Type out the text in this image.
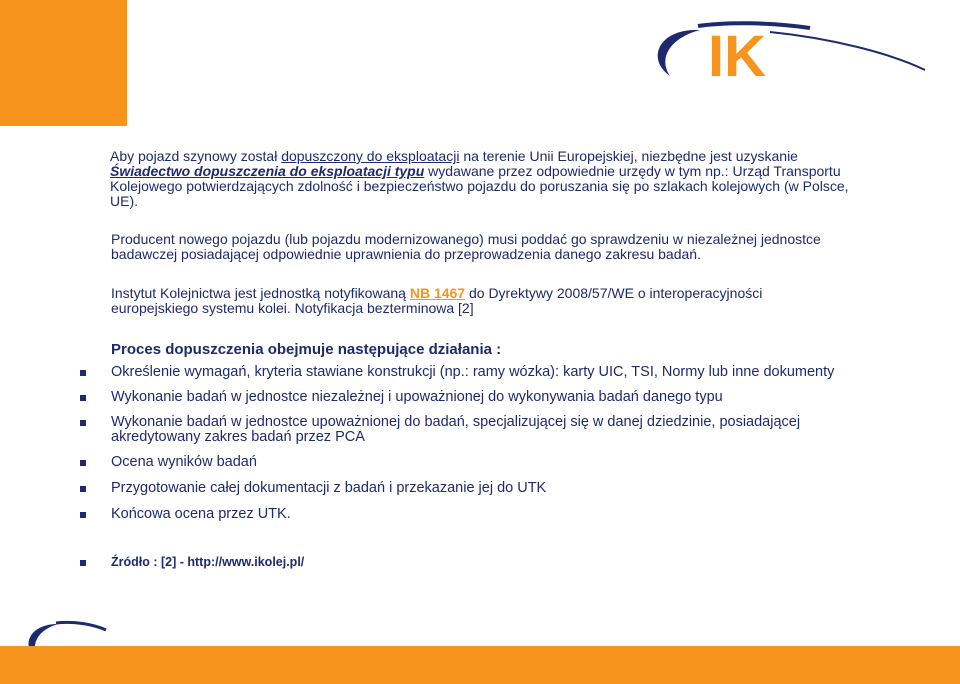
IK

Aby pojazd szynowy został dopuszczony do eksploatacji na terenie Unii Europejskiej, niezbędne jest uzyskanie Świadectwo dopuszczenia do eksploatacji typu wydawane przez odpowiednie urzędy w tym np.: Urząd Transportu Kolejowego potwierdzających zdolność i bezpieczeństwo pojazdu do poruszania się po szlakach kolejowych (w Polsce, UE).

Producent nowego pojazdu (lub pojazdu modernizowanego) musi poddać go sprawdzeniu w niezależnej jednostce badawczej posiadającej odpowiednie uprawnienia do przeprowadzenia danego zakresu badań.

Instytut Kolejnictwa jest jednostką notyfikowaną NB 1467 do Dyrektywy 2008/57/WE o interoperacyjności europejskiego systemu kolei. Notyfikacja bezterminowa [2]

Proces dopuszczenia obejmuje następujące działania :
Określenie wymagań, kryteria stawiane konstrukcji (np.: ramy wózka): karty UIC, TSI, Normy lub inne dokumenty
Wykonanie badań w jednostce niezależnej i upoważnionej do wykonywania badań danego typu
Wykonanie badań w jednostce upoważnionej do badań, specjalizującej się w danej dziedzinie, posiadającej akredytowany zakres badań przez PCA
Ocena wyników badań
Przygotowanie całej dokumentacji z badań i przekazanie jej do UTK
Końcowa ocena przez UTK.
Źródło : [2] - http://www.ikolej.pl/
